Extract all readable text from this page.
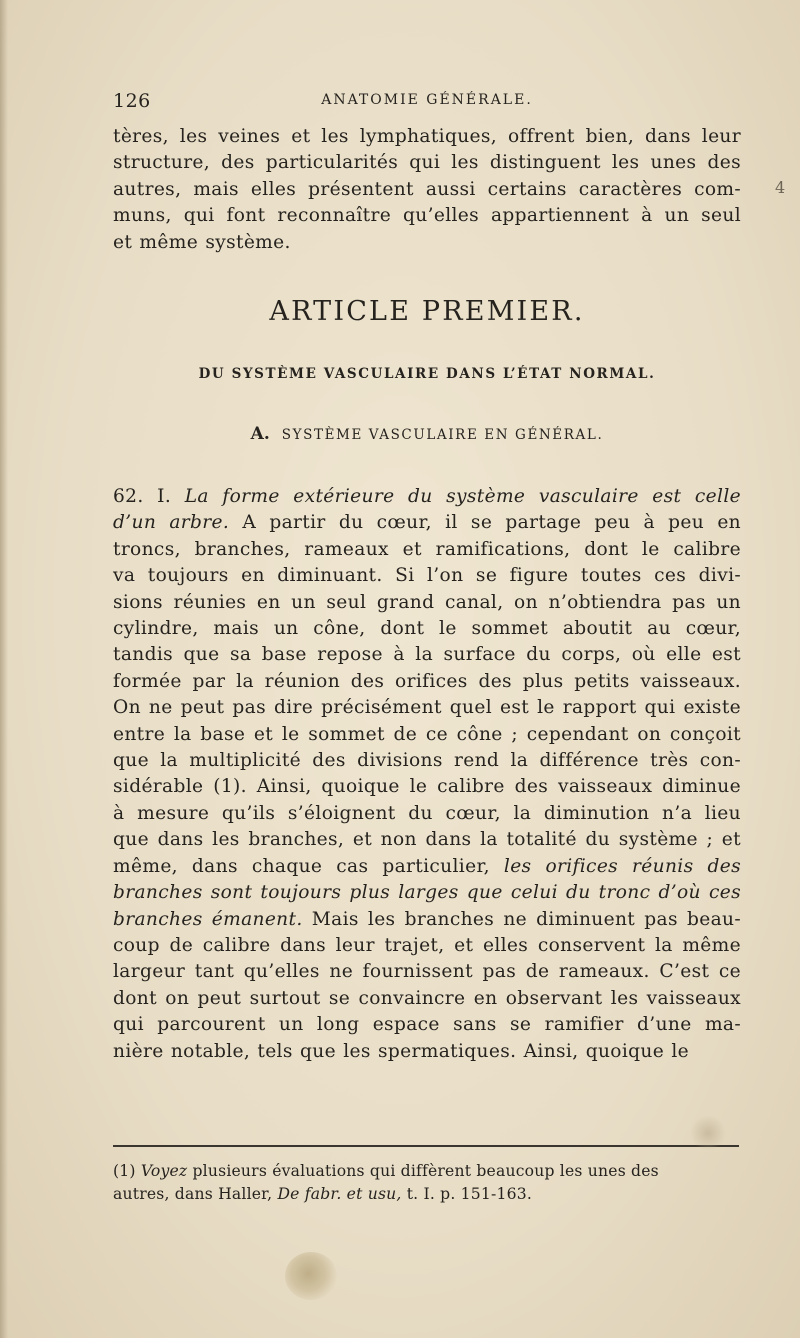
126	ANATOMIE GÉNÉRALE.
tères, les veines et les lymphatiques, offrent bien, dans leur
structure, des particularités qui les distinguent les unes des
autres, mais elles présentent aussi certains caractères com-
muns, qui font reconnaître qu’elles appartiennent à un seul
et même système.
ARTICLE PREMIER.
DU SYSTÈME VASCULAIRE DANS L’ÉTAT NORMAL.
A. SYSTÈME VASCULAIRE EN GÉNÉRAL.
62. I. La forme extérieure du système vasculaire est celle
d’un arbre. A partir du cœur, il se partage peu à peu en
troncs, branches, rameaux et ramifications, dont le calibre
va toujours en diminuant. Si l’on se figure toutes ces divi-
sions réunies en un seul grand canal, on n’obtiendra pas un
cylindre, mais un cône, dont le sommet aboutit au cœur,
tandis que sa base repose à la surface du corps, où elle est
formée par la réunion des orifices des plus petits vaisseaux.
On ne peut pas dire précisément quel est le rapport qui existe
entre la base et le sommet de ce cône ; cependant on conçoit
que la multiplicité des divisions rend la différence très con-
sidérable (1). Ainsi, quoique le calibre des vaisseaux diminue
à mesure qu’ils s’éloignent du cœur, la diminution n’a lieu
que dans les branches, et non dans la totalité du système ; et
même, dans chaque cas particulier, les orifices réunis des
branches sont toujours plus larges que celui du tronc d’où ces
branches émanent. Mais les branches ne diminuent pas beau-
coup de calibre dans leur trajet, et elles conservent la même
largeur tant qu’elles ne fournissent pas de rameaux. C’est ce
dont on peut surtout se convaincre en observant les vaisseaux
qui parcourent un long espace sans se ramifier d’une ma-
nière notable, tels que les spermatiques. Ainsi, quoique le
(1) Voyez plusieurs évaluations qui diffèrent beaucoup les unes des
autres, dans Haller, De fabr. et usu, t. I. p. 151-163.
4
